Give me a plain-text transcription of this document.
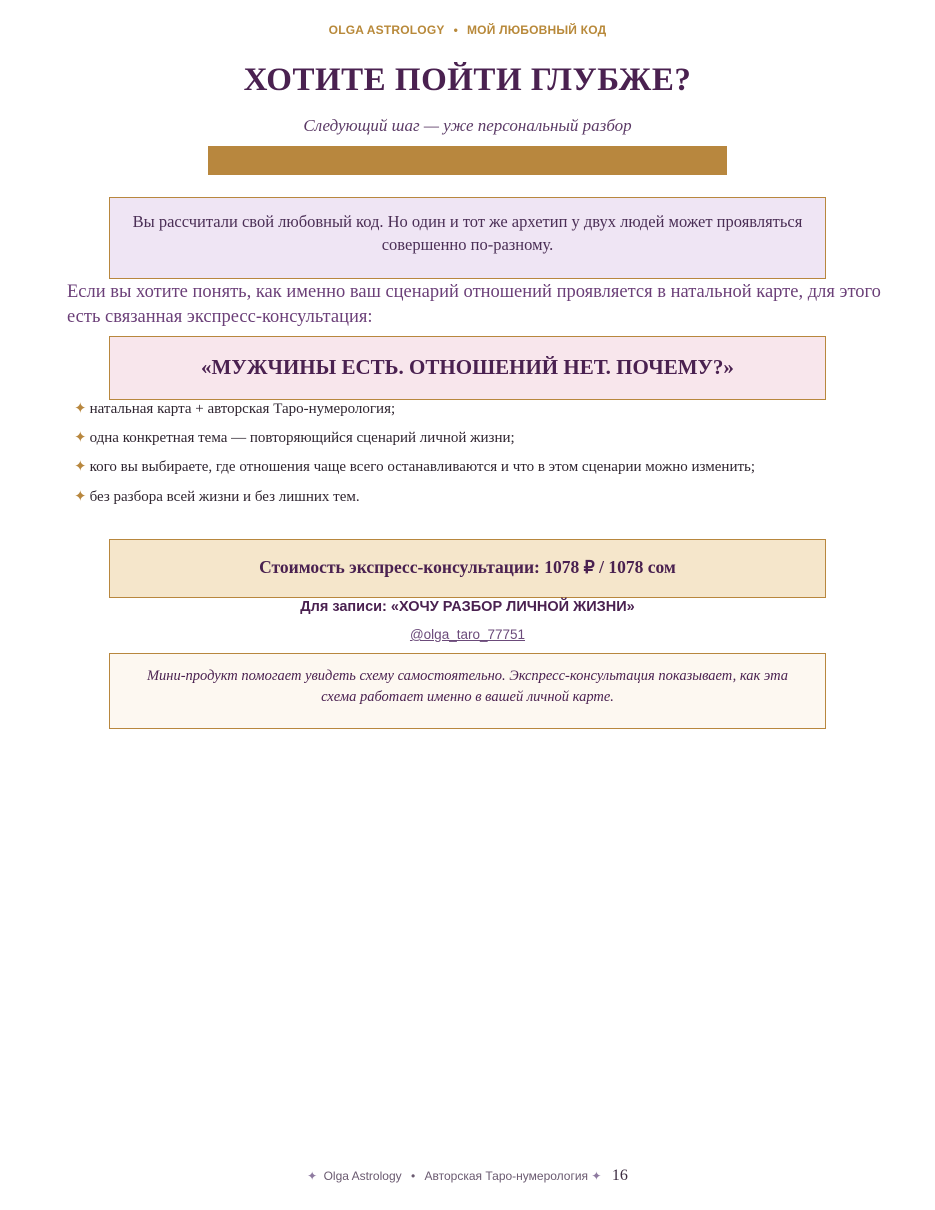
OLGA ASTROLOGY • МОЙ ЛЮБОВНЫЙ КОД
ХОТИТЕ ПОЙТИ ГЛУБЖЕ?
Следующий шаг — уже персональный разбор
Вы рассчитали свой любовный код. Но один и тот же архетип у двух людей может проявляться совершенно по-разному.

Если вы хотите понять, как именно ваш сценарий отношений проявляется в натальной карте, для этого есть связанная экспресс-консультация:

«МУЖЧИНЫ ЕСТЬ. ОТНОШЕНИЙ НЕТ. ПОЧЕМУ?»
✦ натальная карта + авторская Таро-нумерология;
✦ одна конкретная тема — повторяющийся сценарий личной жизни;
✦ кого вы выбираете, где отношения чаще всего останавливаются и что в этом сценарии можно изменить;
✦ без разбора всей жизни и без лишних тем.
Стоимость экспресс-консультации: 1078 ₽ / 1078 сом
Для записи: «ХОЧУ РАЗБОР ЛИЧНОЙ ЖИЗНИ»
@olga_taro_77751
Мини-продукт помогает увидеть схему самостоятельно. Экспресс-консультация показывает, как эта схема работает именно в вашей личной карте.
✦ Olga Astrology • Авторская Таро-нумерология ✦ 16
